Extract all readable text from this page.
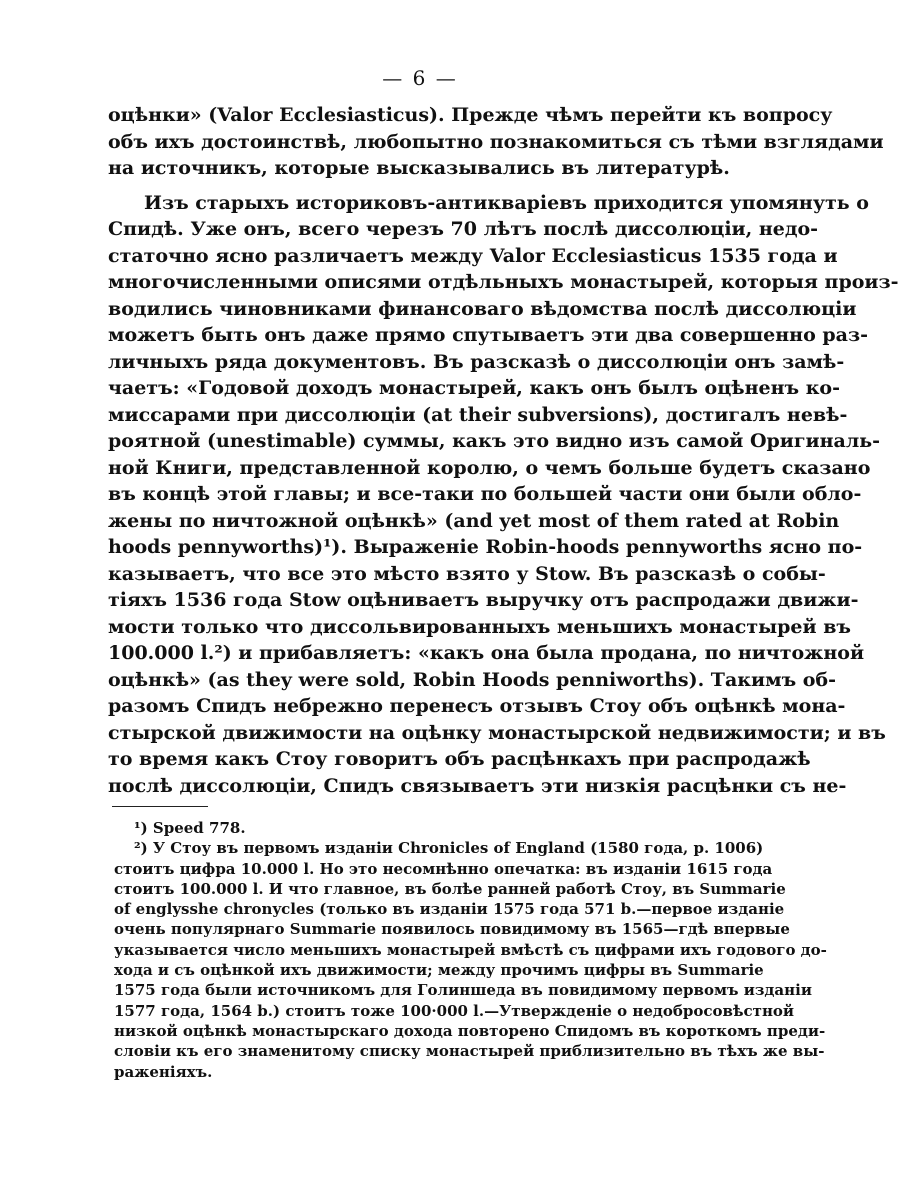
— 6 —
оцѣнки» (Valor Ecclesiasticus). Прежде чѣмъ перейти къ вопросу
объ ихъ достоинствѣ, любопытно познакомиться съ тѣми взглядами
на источникъ, которые высказывались въ литературѣ.
Изъ старыхъ историковъ-антикваріевъ приходится упомянуть о
Спидѣ. Уже онъ, всего черезъ 70 лѣтъ послѣ диссолюціи, недо-
статочно ясно различаетъ между Valor Ecclesiasticus 1535 года и
многочисленными описями отдѣльныхъ монастырей, которыя произ-
водились чиновниками финансоваго вѣдомства послѣ диссолюціи
можетъ быть онъ даже прямо спутываетъ эти два совершенно раз-
личныхъ ряда документовъ. Въ разсказѣ о диссолюціи онъ замѣ-
чаетъ: «Годовой доходъ монастырей, какъ онъ былъ оцѣненъ ко-
миссарами при диссолюціи (at their subversions), достигалъ невѣ-
роятной (unestimable) суммы, какъ это видно изъ самой Оригиналь-
ной Книги, представленной королю, о чемъ больше будетъ сказано
въ концѣ этой главы; и все-таки по большей части они были обло-
жены по ничтожной оцѣнкѣ» (and yet most of them rated at Robin
hoods pennyworths)¹). Выраженіе Robin-hoods pennyworths ясно по-
казываетъ, что все это мѣсто взято у Stow. Въ разсказѣ о собы-
тіяхъ 1536 года Stow оцѣниваетъ выручку отъ распродажи движи-
мости только что диссольвированныхъ меньшихъ монастырей въ
100.000 l.²) и прибавляетъ: «какъ она была продана, по ничтожной
оцѣнкѣ» (as they were sold, Robin Hoods penniworths). Такимъ об-
разомъ Спидъ небрежно перенесъ отзывъ Стоу объ оцѣнкѣ мона-
стырской движимости на оцѣнку монастырской недвижимости; и въ
то время какъ Стоу говоритъ объ расцѣнкахъ при распродажѣ
послѣ диссолюціи, Спидъ связываетъ эти низкія расцѣнки съ не-
¹) Speed 778.
²) У Стоу въ первомъ изданіи Chronicles of England (1580 года, p. 1006)
стоитъ цифра 10.000 l. Но это несомнѣнно опечатка: въ изданіи 1615 года
стоитъ 100.000 l. И что главное, въ болѣе ранней работѣ Стоу, въ Summarie
of englysshe chronycles (только въ изданіи 1575 года 571 b.—первое изданіе
очень популярнаго Summarie появилось повидимому въ 1565—гдѣ впервые
указывается число меньшихъ монастырей вмѣстѣ съ цифрами ихъ годового до-
хода и съ оцѣнкой ихъ движимости; между прочимъ цифры въ Summarie
1575 года были источникомъ для Голиншеда въ повидимому первомъ изданіи
1577 года, 1564 b.) стоитъ тоже 100·000 l.—Утвержденіе о недобросовѣстной
низкой оцѣнкѣ монастырскаго дохода повторено Спидомъ въ короткомъ преди-
словіи къ его знаменитому списку монастырей приблизительно въ тѣхъ же вы-
раженіяхъ.
